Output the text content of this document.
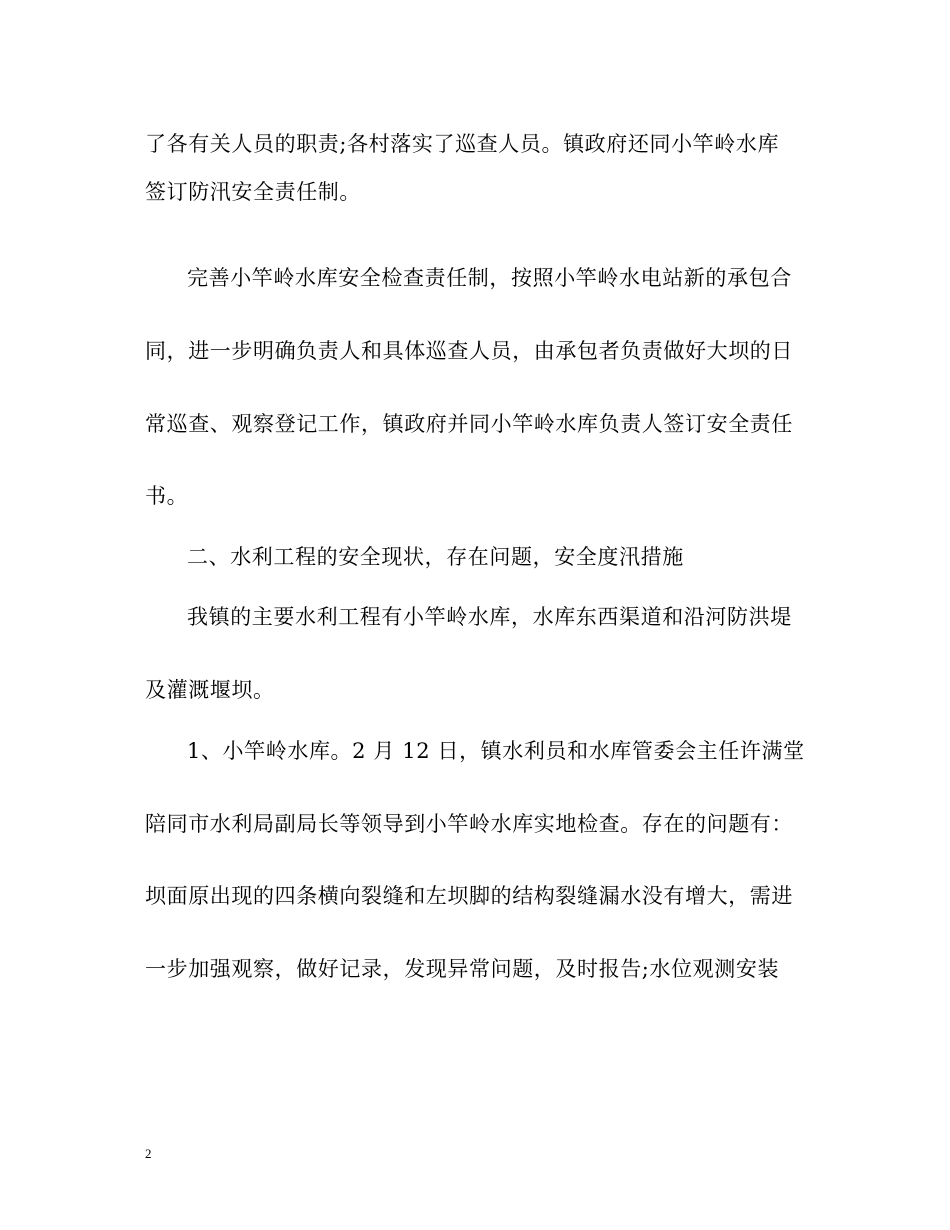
了各有关人员的职责;各村落实了巡查人员。镇政府还同小竿岭水库
签订防汛安全责任制。
完善小竿岭水库安全检查责任制，按照小竿岭水电站新的承包合
同，进一步明确负责人和具体巡查人员，由承包者负责做好大坝的日
常巡查、观察登记工作，镇政府并同小竿岭水库负责人签订安全责任
书。
二、水利工程的安全现状，存在问题，安全度汛措施
我镇的主要水利工程有小竿岭水库，水库东西渠道和沿河防洪堤
及灌溉堰坝。
1、小竿岭水库。2 月 12 日，镇水利员和水库管委会主任许满堂
陪同市水利局副局长等领导到小竿岭水库实地检查。存在的问题有：
坝面原出现的四条横向裂缝和左坝脚的结构裂缝漏水没有增大，需进
一步加强观察，做好记录，发现异常问题，及时报告;水位观测安装
2
